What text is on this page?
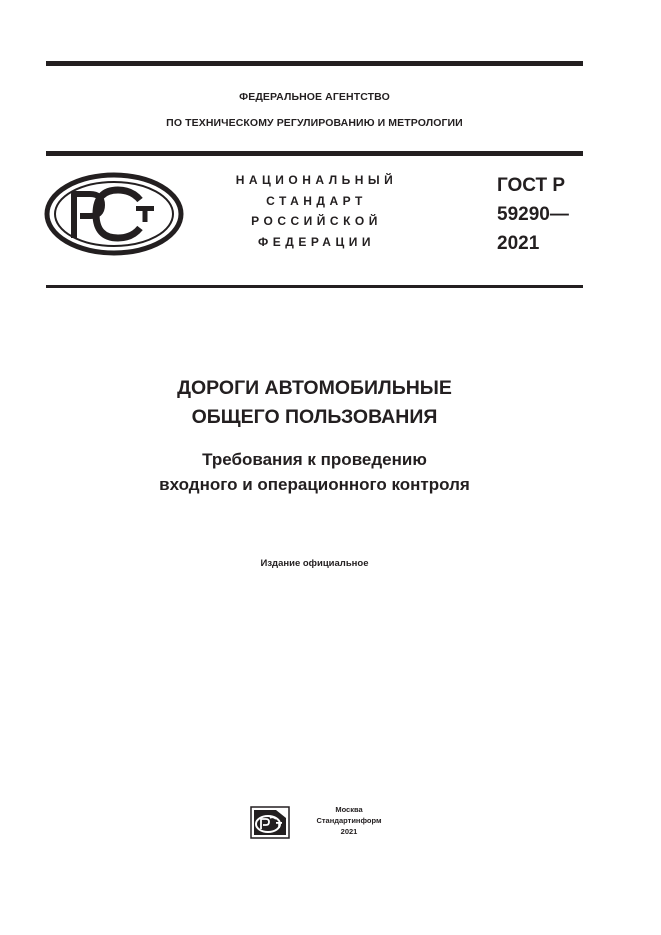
ФЕДЕРАЛЬНОЕ АГЕНТСТВО
ПО ТЕХНИЧЕСКОМУ РЕГУЛИРОВАНИЮ И МЕТРОЛОГИИ
НАЦИОНАЛЬНЫЙ
СТАНДАРТ
РОССИЙСКОЙ
ФЕДЕРАЦИИ
ГОСТ Р
59290—
2021
ДОРОГИ АВТОМОБИЛЬНЫЕ
ОБЩЕГО ПОЛЬЗОВАНИЯ
Требования к проведению
входного и операционного контроля
Издание официальное
Москва
Стандартинформ
2021
